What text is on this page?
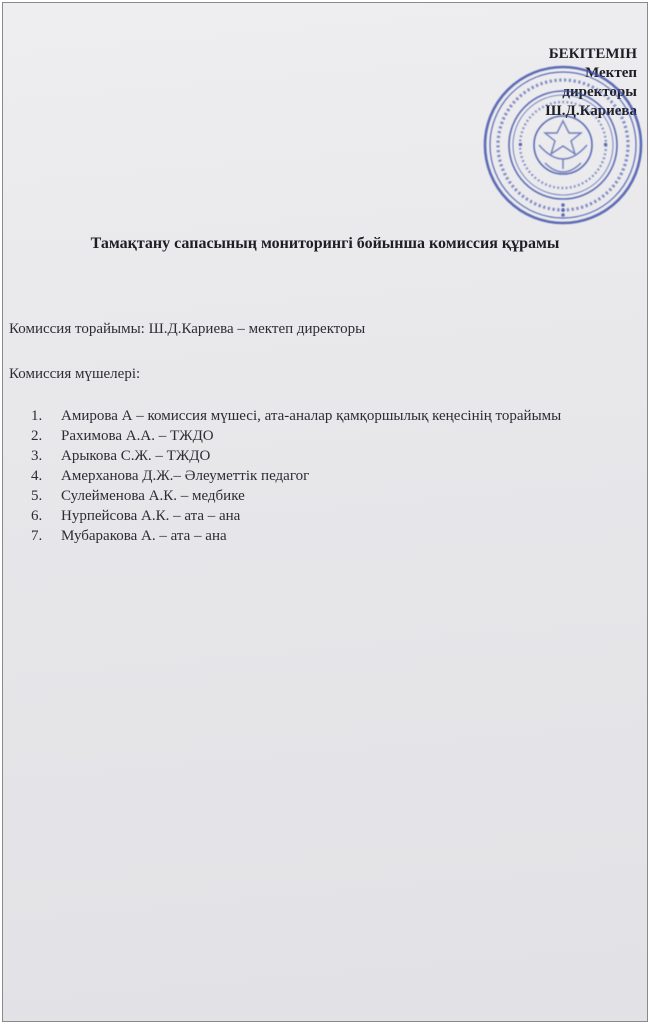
БЕКІТЕМІН
Мектеп
директоры
Ш.Д.Кариева
Тамақтану сапасының мониторингі бойынша комиссия құрамы
Комиссия торайымы: Ш.Д.Кариева – мектеп директоры
Комиссия мүшелері:
1. Амирова А – комиссия мүшесі, ата-аналар қамқоршылық кеңесінің торайымы
2. Рахимова А.А. – ТЖДО
3. Арыкова С.Ж. – ТЖДО
4. Амерханова Д.Ж.– Әлеуметтік педагог
5. Сулейменова А.К. – медбике
6. Нурпейсова А.К. – ата – ана
7. Мубаракова А. – ата – ана
